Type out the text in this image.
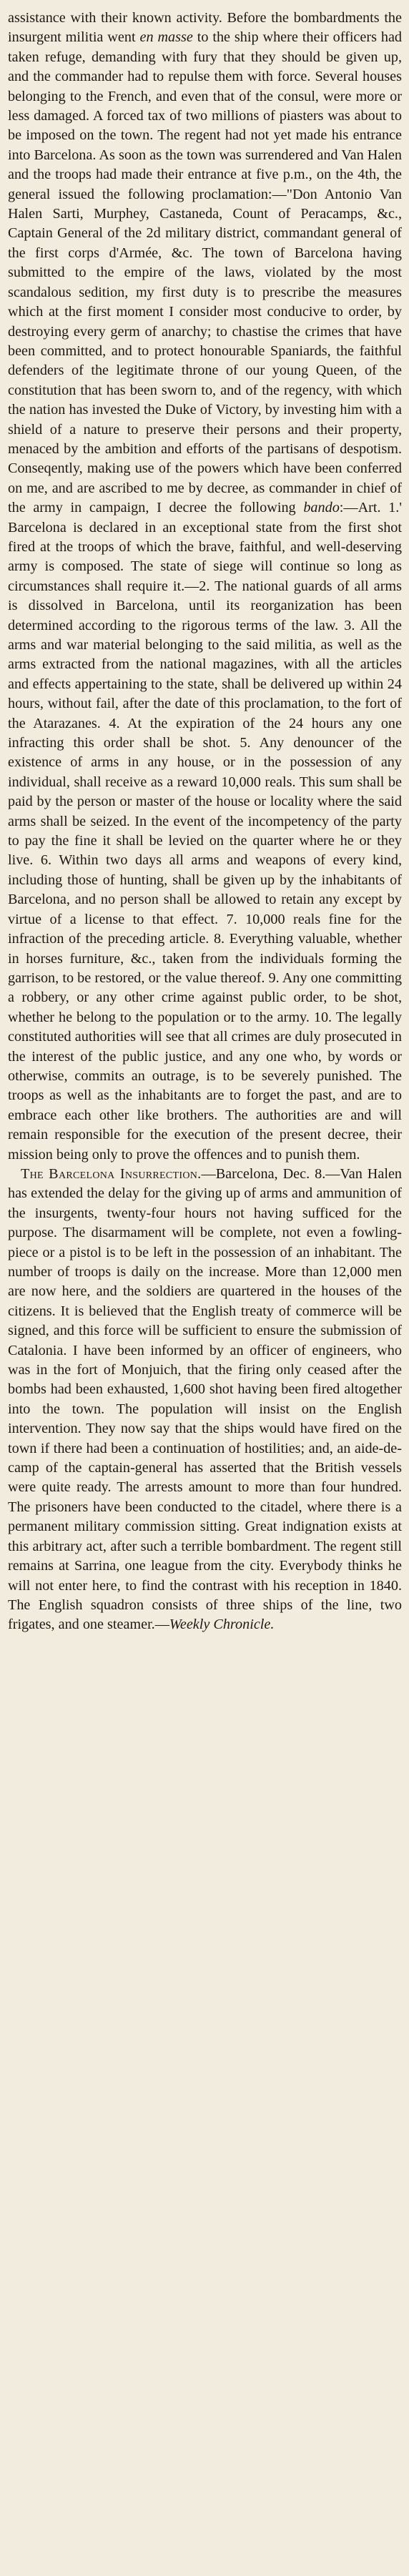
assistance with their known activity. Before the bombardments the insurgent militia went en masse to the ship where their officers had taken refuge, demanding with fury that they should be given up, and the commander had to repulse them with force. Several houses belonging to the French, and even that of the consul, were more or less damaged. A forced tax of two millions of piasters was about to be imposed on the town. The regent had not yet made his entrance into Barcelona. As soon as the town was surrendered and Van Halen and the troops had made their entrance at five p.m., on the 4th, the general issued the following proclamation:—"Don Antonio Van Halen Sarti, Murphey, Castaneda, Count of Peracamps, &c., Captain General of the 2d military district, commandant general of the first corps d'Armée, &c. The town of Barcelona having submitted to the empire of the laws, violated by the most scandalous sedition, my first duty is to prescribe the measures which at the first moment I consider most conducive to order, by destroying every germ of anarchy; to chastise the crimes that have been committed, and to protect honourable Spaniards, the faithful defenders of the legitimate throne of our young Queen, of the constitution that has been sworn to, and of the regency, with which the nation has invested the Duke of Victory, by investing him with a shield of a nature to preserve their persons and their property, menaced by the ambition and efforts of the partisans of despotism. Conseqently, making use of the powers which have been conferred on me, and are ascribed to me by decree, as commander in chief of the army in campaign, I decree the following bando:—Art. 1.' Barcelona is declared in an exceptional state from the first shot fired at the troops of which the brave, faithful, and well-deserving army is composed. The state of siege will continue so long as circumstances shall require it.—2. The national guards of all arms is dissolved in Barcelona, until its reorganization has been determined according to the rigorous terms of the law. 3. All the arms and war material belonging to the said militia, as well as the arms extracted from the national magazines, with all the articles and effects appertaining to the state, shall be delivered up within 24 hours, without fail, after the date of this proclamation, to the fort of the Atarazanes. 4. At the expiration of the 24 hours any one infracting this order shall be shot. 5. Any denouncer of the existence of arms in any house, or in the possession of any individual, shall receive as a reward 10,000 reals. This sum shall be paid by the person or master of the house or locality where the said arms shall be seized. In the event of the incompetency of the party to pay the fine it shall be levied on the quarter where he or they live. 6. Within two days all arms and weapons of every kind, including those of hunting, shall be given up by the inhabitants of Barcelona, and no person shall be allowed to retain any except by virtue of a license to that effect. 7. 10,000 reals fine for the infraction of the preceding article. 8. Everything valuable, whether in horses furniture, &c., taken from the individuals forming the garrison, to be restored, or the value thereof. 9. Any one committing a robbery, or any other crime against public order, to be shot, whether he belong to the population or to the army. 10. The legally constituted authorities will see that all crimes are duly prosecuted in the interest of the public justice, and any one who, by words or otherwise, commits an outrage, is to be severely punished. The troops as well as the inhabitants are to forget the past, and are to embrace each other like brothers. The authorities are and will remain responsible for the execution of the present decree, their mission being only to prove the offences and to punish them.

The Barcelona Insurrection.—Barcelona, Dec. 8.—Van Halen has extended the delay for the giving up of arms and ammunition of the insurgents, twenty-four hours not having sufficed for the purpose. The disarmament will be complete, not even a fowling-piece or a pistol is to be left in the possession of an inhabitant. The number of troops is daily on the increase. More than 12,000 men are now here, and the soldiers are quartered in the houses of the citizens. It is believed that the English treaty of commerce will be signed, and this force will be sufficient to ensure the submission of Catalonia. I have been informed by an officer of engineers, who was in the fort of Monjuich, that the firing only ceased after the bombs had been exhausted, 1,600 shot having been fired altogether into the town. The population will insist on the English intervention. They now say that the ships would have fired on the town if there had been a continuation of hostilities; and, an aide-de-camp of the captain-general has asserted that the British vessels were quite ready. The arrests amount to more than four hundred. The prisoners have been conducted to the citadel, where there is a permanent military commission sitting. Great indignation exists at this arbitrary act, after such a terrible bombardment. The regent still remains at Sarrina, one league from the city. Everybody thinks he will not enter here, to find the contrast with his reception in 1840. The English squadron consists of three ships of the line, two frigates, and one steamer.—Weekly Chronicle.
